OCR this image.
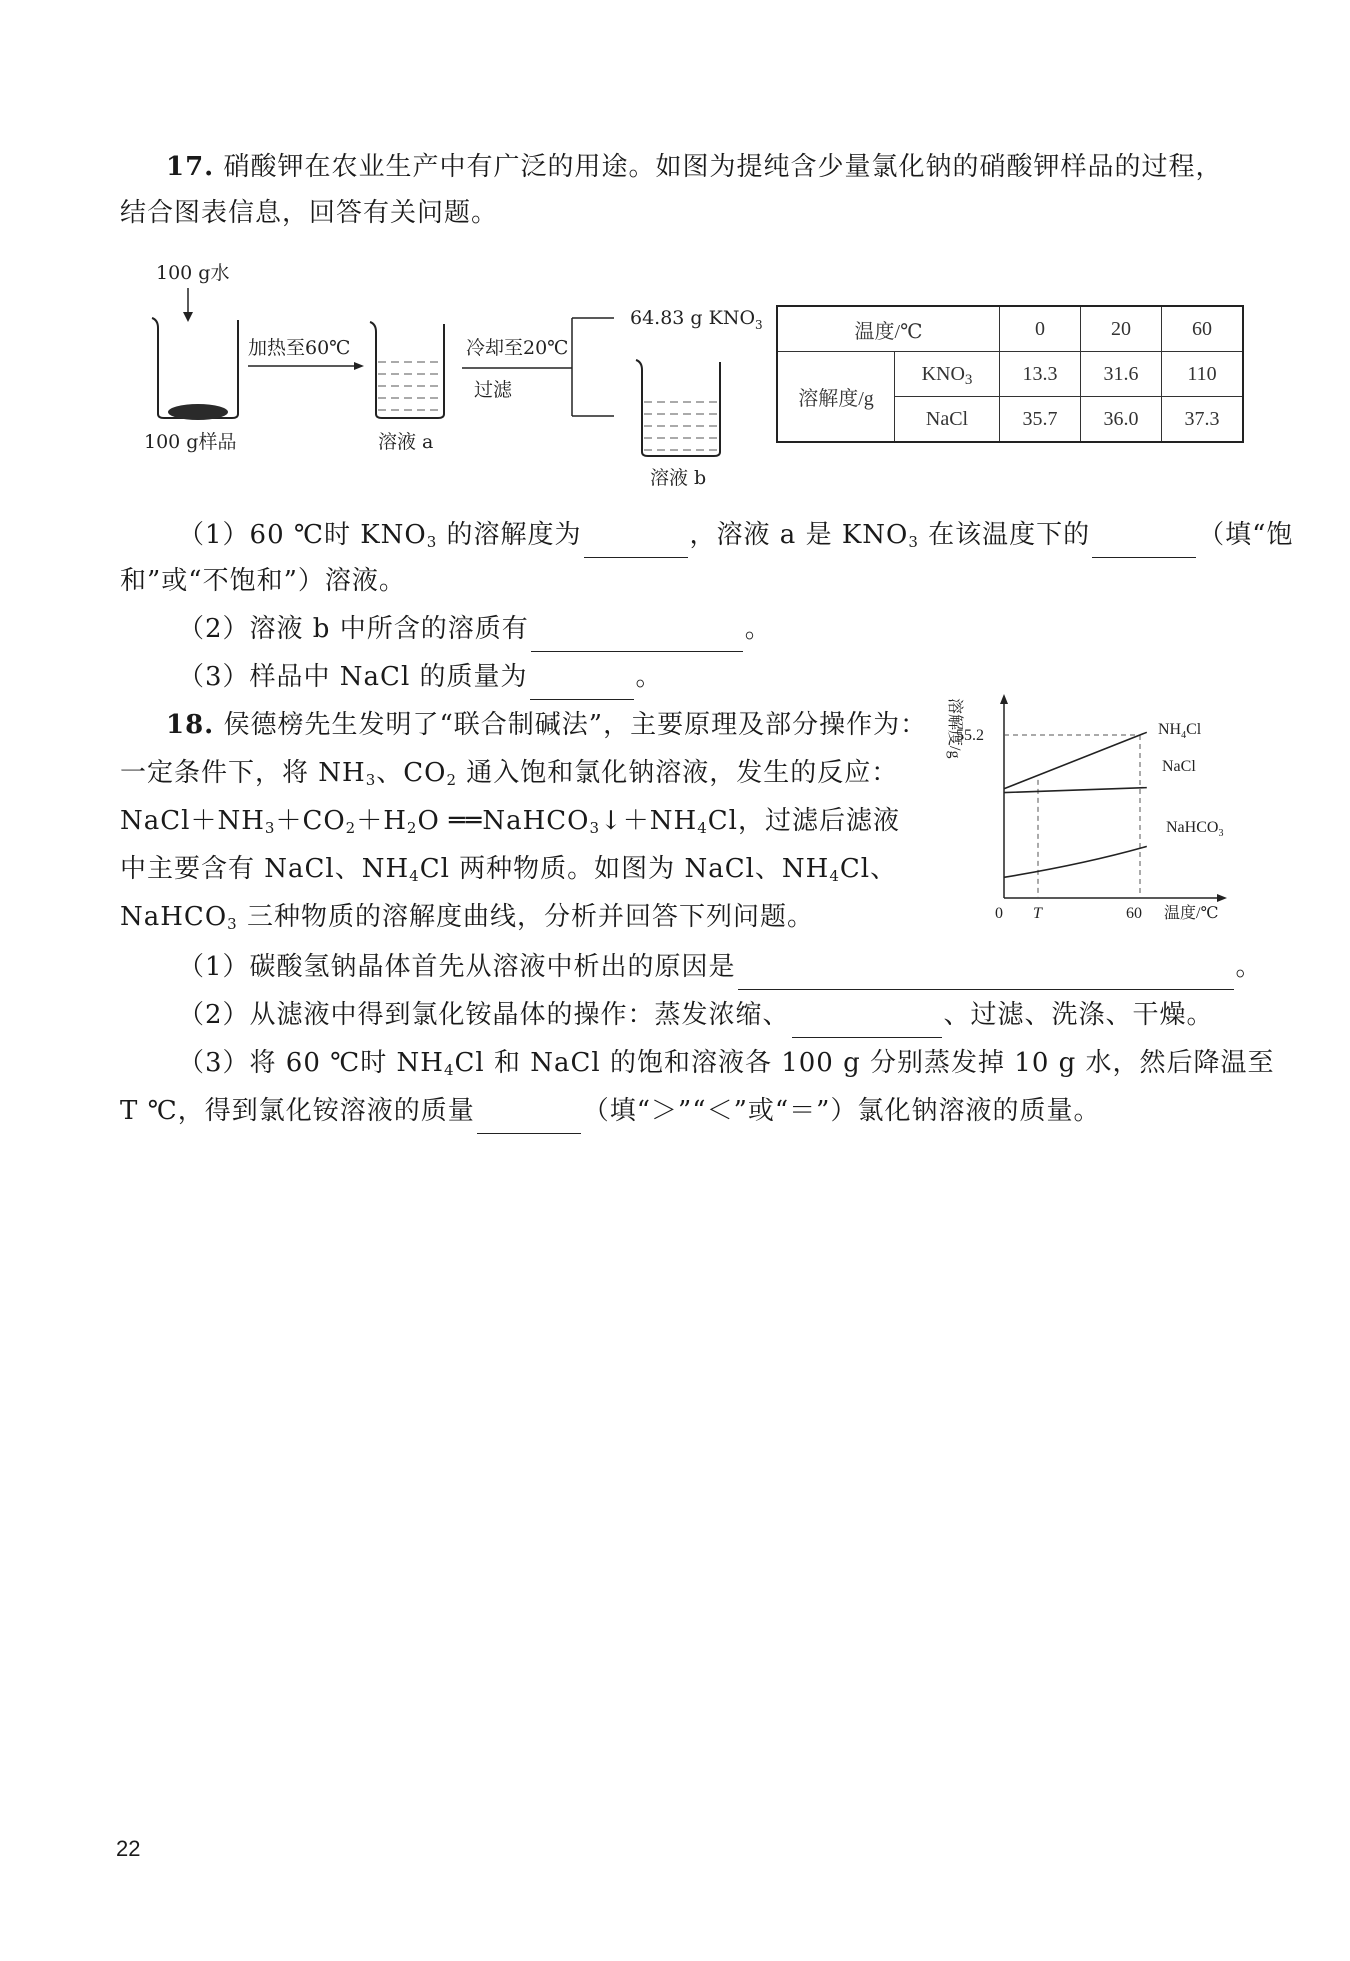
17. 硝酸钾在农业生产中有广泛的用途。如图为提纯含少量氯化钠的硝酸钾样品的过程，
结合图表信息，回答有关问题。
100 g水
100 g样品
加热至60℃
溶液 a
冷却至20℃
过滤
64.83 g $KNO_3$
溶液 b
温度/℃		0	20	60
溶解度/g	$KNO_3$	13.3	31.6	110
	NaCl	35.7	36.0	37.3
（1）60 ℃时 $KNO_3$ 的溶解度为	，溶液 a 是 $KNO_3$ 在该温度下的	（填“饱
和”或“不饱和”）溶液。
（2）溶液 b 中所含的溶质有	。
（3）样品中 NaCl 的质量为	。
18. 侯德榜先生发明了“联合制碱法”，主要原理及部分操作为：
一定条件下，将 $NH_3$、$CO_2$ 通入饱和氯化钠溶液，发生的反应：
$NaCl+NH_3+CO_2+H_2O$ $══NaHCO_3↓+NH_4Cl$，过滤后滤液
中主要含有 NaCl、$NH_4Cl$ 两种物质。如图为 NaCl、$NH_4Cl$、
NaHCO$_3$ 三种物质的溶解度曲线，分析并回答下列问题。
$NH_4Cl$
NaCl
NaHCO$_3$
55.2
0 T	60 温度/℃
溶解度/g
（1）碳酸氢钠晶体首先从溶液中析出的原因是	。
（2）从滤液中得到氯化铵晶体的操作：蒸发浓缩、	、过滤、洗涤、干燥。
（3）将 60 ℃时 $NH_4Cl$ 和 NaCl 的饱和溶液各 100 g 分别蒸发掉 10 g 水，然后降温至
T ℃，得到氯化铵溶液的质量	（填“＞”“＜”或“＝”）氯化钠溶液的质量。
22
